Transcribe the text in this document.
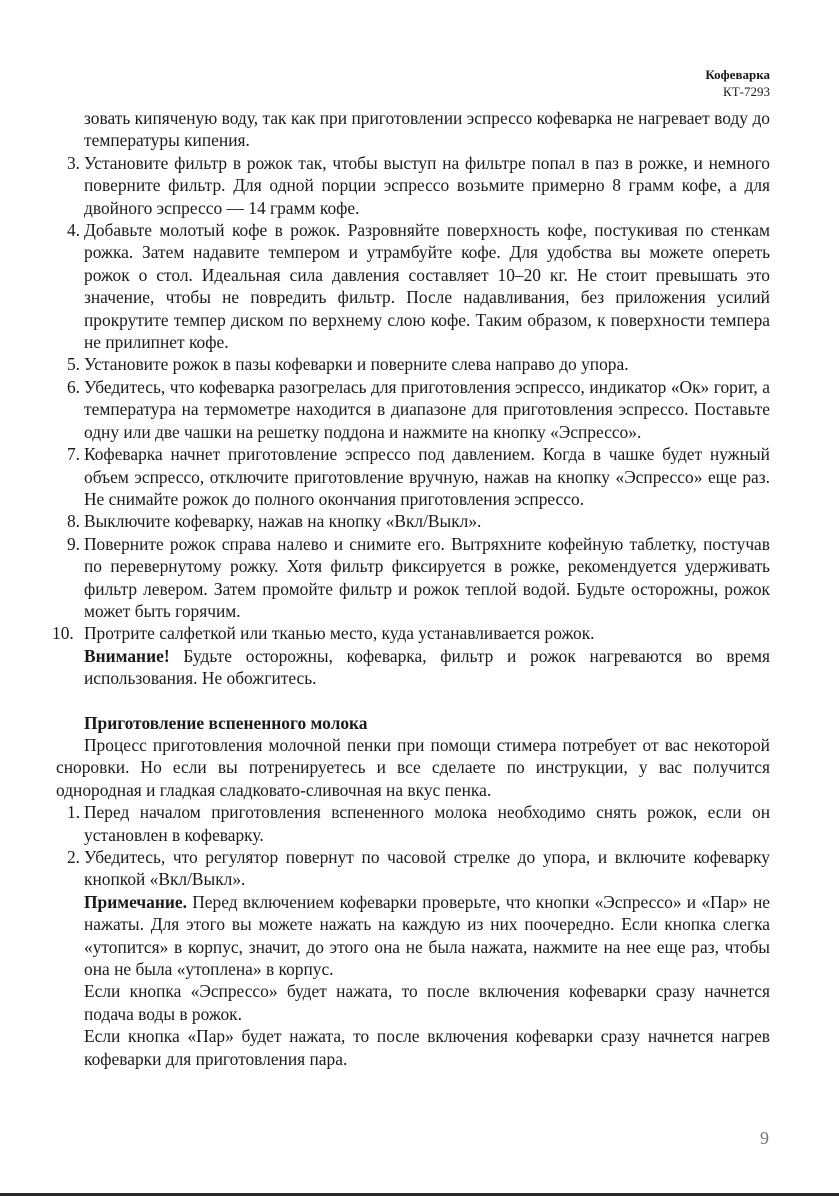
Кофеварка
КТ-7293

зовать кипяченую воду, так как при приготовлении эспрессо кофеварка не нагревает воду до температуры кипения.

3. Установите фильтр в рожок так, чтобы выступ на фильтре попал в паз в рожке, и немного поверните фильтр. Для одной порции эспрессо возьмите примерно 8 грамм кофе, а для двойного эспрессо — 14 грамм кофе.

4. Добавьте молотый кофе в рожок. Разровняйте поверхность кофе, постукивая по стенкам рожка. Затем надавите темпером и утрамбуйте кофе. Для удобства вы можете опереть рожок о стол. Идеальная сила давления составляет 10–20 кг. Не стоит превышать это значение, чтобы не повредить фильтр. После надавливания, без приложения усилий прокрутите темпер диском по верхнему слою кофе. Таким образом, к поверхности темпера не прилипнет кофе.

5. Установите рожок в пазы кофеварки и поверните слева направо до упора.

6. Убедитесь, что кофеварка разогрелась для приготовления эспрессо, индикатор «Ок» горит, а температура на термометре находится в диапазоне для приготовления эспрессо. Поставьте одну или две чашки на решетку поддона и нажмите на кнопку «Эспрессо».

7. Кофеварка начнет приготовление эспрессо под давлением. Когда в чашке будет нужный объем эспрессо, отключите приготовление вручную, нажав на кнопку «Эспрессо» еще раз. Не снимайте рожок до полного окончания приготовления эспрессо.

8. Выключите кофеварку, нажав на кнопку «Вкл/Выкл».

9. Поверните рожок справа налево и снимите его. Вытряхните кофейную таблетку, постучав по перевернутому рожку. Хотя фильтр фиксируется в рожке, рекомендуется удерживать фильтр левером. Затем промойте фильтр и рожок теплой водой. Будьте осторожны, рожок может быть горячим.

10. Протрите салфеткой или тканью место, куда устанавливается рожок.

Внимание! Будьте осторожны, кофеварка, фильтр и рожок нагреваются во время использования. Не обожгитесь.

Приготовление вспененного молока

Процесс приготовления молочной пенки при помощи стимера потребует от вас некоторой сноровки. Но если вы потренируетесь и все сделаете по инструкции, у вас получится однородная и гладкая сладковато-сливочная на вкус пенка.

1. Перед началом приготовления вспененного молока необходимо снять рожок, если он установлен в кофеварку.

2. Убедитесь, что регулятор повернут по часовой стрелке до упора, и включите кофеварку кнопкой «Вкл/Выкл».

Примечание. Перед включением кофеварки проверьте, что кнопки «Эспрессо» и «Пар» не нажаты. Для этого вы можете нажать на каждую из них поочередно. Если кнопка слегка «утопится» в корпус, значит, до этого она не была нажата, нажмите на нее еще раз, чтобы она не была «утоплена» в корпус.

Если кнопка «Эспрессо» будет нажата, то после включения кофеварки сразу начнется подача воды в рожок.

Если кнопка «Пар» будет нажата, то после включения кофеварки сразу начнется нагрев кофеварки для приготовления пара.

9
